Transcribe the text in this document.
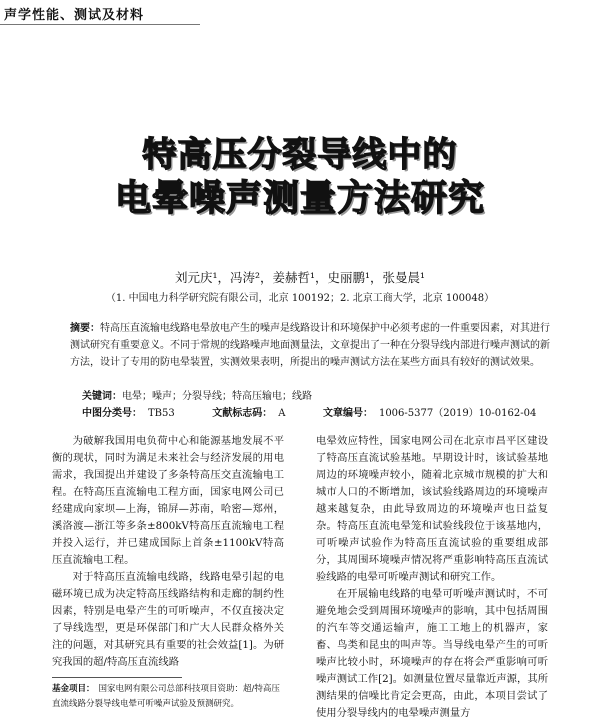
声学性能、测试及材料
特高压分裂导线中的
电晕噪声测量方法研究
刘元庆¹，冯涛²，姜赫哲¹，史丽鹏¹，张曼晨¹
（1. 中国电力科学研究院有限公司，北京 100192；2. 北京工商大学，北京 100048）
摘要：特高压直流输电线路电晕放电产生的噪声是线路设计和环境保护中必须考虑的一件重要因素，对其进行测试研究有重要意义。不同于常规的线路噪声地面测量法，文章提出了一种在分裂导线内部进行噪声测试的新方法，设计了专用的防电晕装置，实测效果表明，所提出的噪声测试方法在某些方面具有较好的测试效果。
关键词：电晕；噪声；分裂导线；特高压输电；线路
中图分类号： TB53	文献标志码： A	文章编号： 1006-5377（2019）10-0162-04

为破解我国用电负荷中心和能源基地发展不平衡的现状，同时为满足未来社会与经济发展的用电需求，我国提出并建设了多条特高压交直流输电工程。在特高压直流输电工程方面，国家电网公司已经建成向家坝—上海，锦屏—苏南，哈密—郑州，溪洛渡—浙江等多条±800kV特高压直流输电工程并投入运行，并已建成国际上首条±1100kV特高压直流输电工程。

对于特高压直流输电线路，线路电晕引起的电磁环境已成为决定特高压线路结构和走廊的制约性因素，特别是电晕产生的可听噪声，不仅直接决定了导线选型，更是环保部门和广大人民群众格外关注的问题，对其研究具有重要的社会效益[1]。为研究我国的超/特高压直流线路

电晕效应特性，国家电网公司在北京市昌平区建设了特高压直流试验基地。早期设计时，该试验基地周边的环境噪声较小，随着北京城市规模的扩大和城市人口的不断增加，该试验线路周边的环境噪声越来越复杂，由此导致周边的环境噪声也日益复杂。特高压直流电晕笼和试验线段位于该基地内，可听噪声试验作为特高压直流试验的重要组成部分，其周围环境噪声情况将严重影响特高压直流试验线路的电晕可听噪声测试和研究工作。

在开展输电线路的电晕可听噪声测试时，不可避免地会受到周围环境噪声的影响，其中包括周围的汽车等交通运输声，施工工地上的机器声，家畜、鸟类和昆虫的叫声等。当导线电晕产生的可听噪声比较小时，环境噪声的存在将会严重影响可听噪声测试工作[2]。如测量位置尽量靠近声源，其所测结果的信噪比肯定会更高，由此，本项目尝试了使用分裂导线内的电晕噪声测量方

基金项目： 国家电网有限公司总部科技项目资助：超/特高压直流线路分裂导线电晕可听噪声试验及预测研究。
